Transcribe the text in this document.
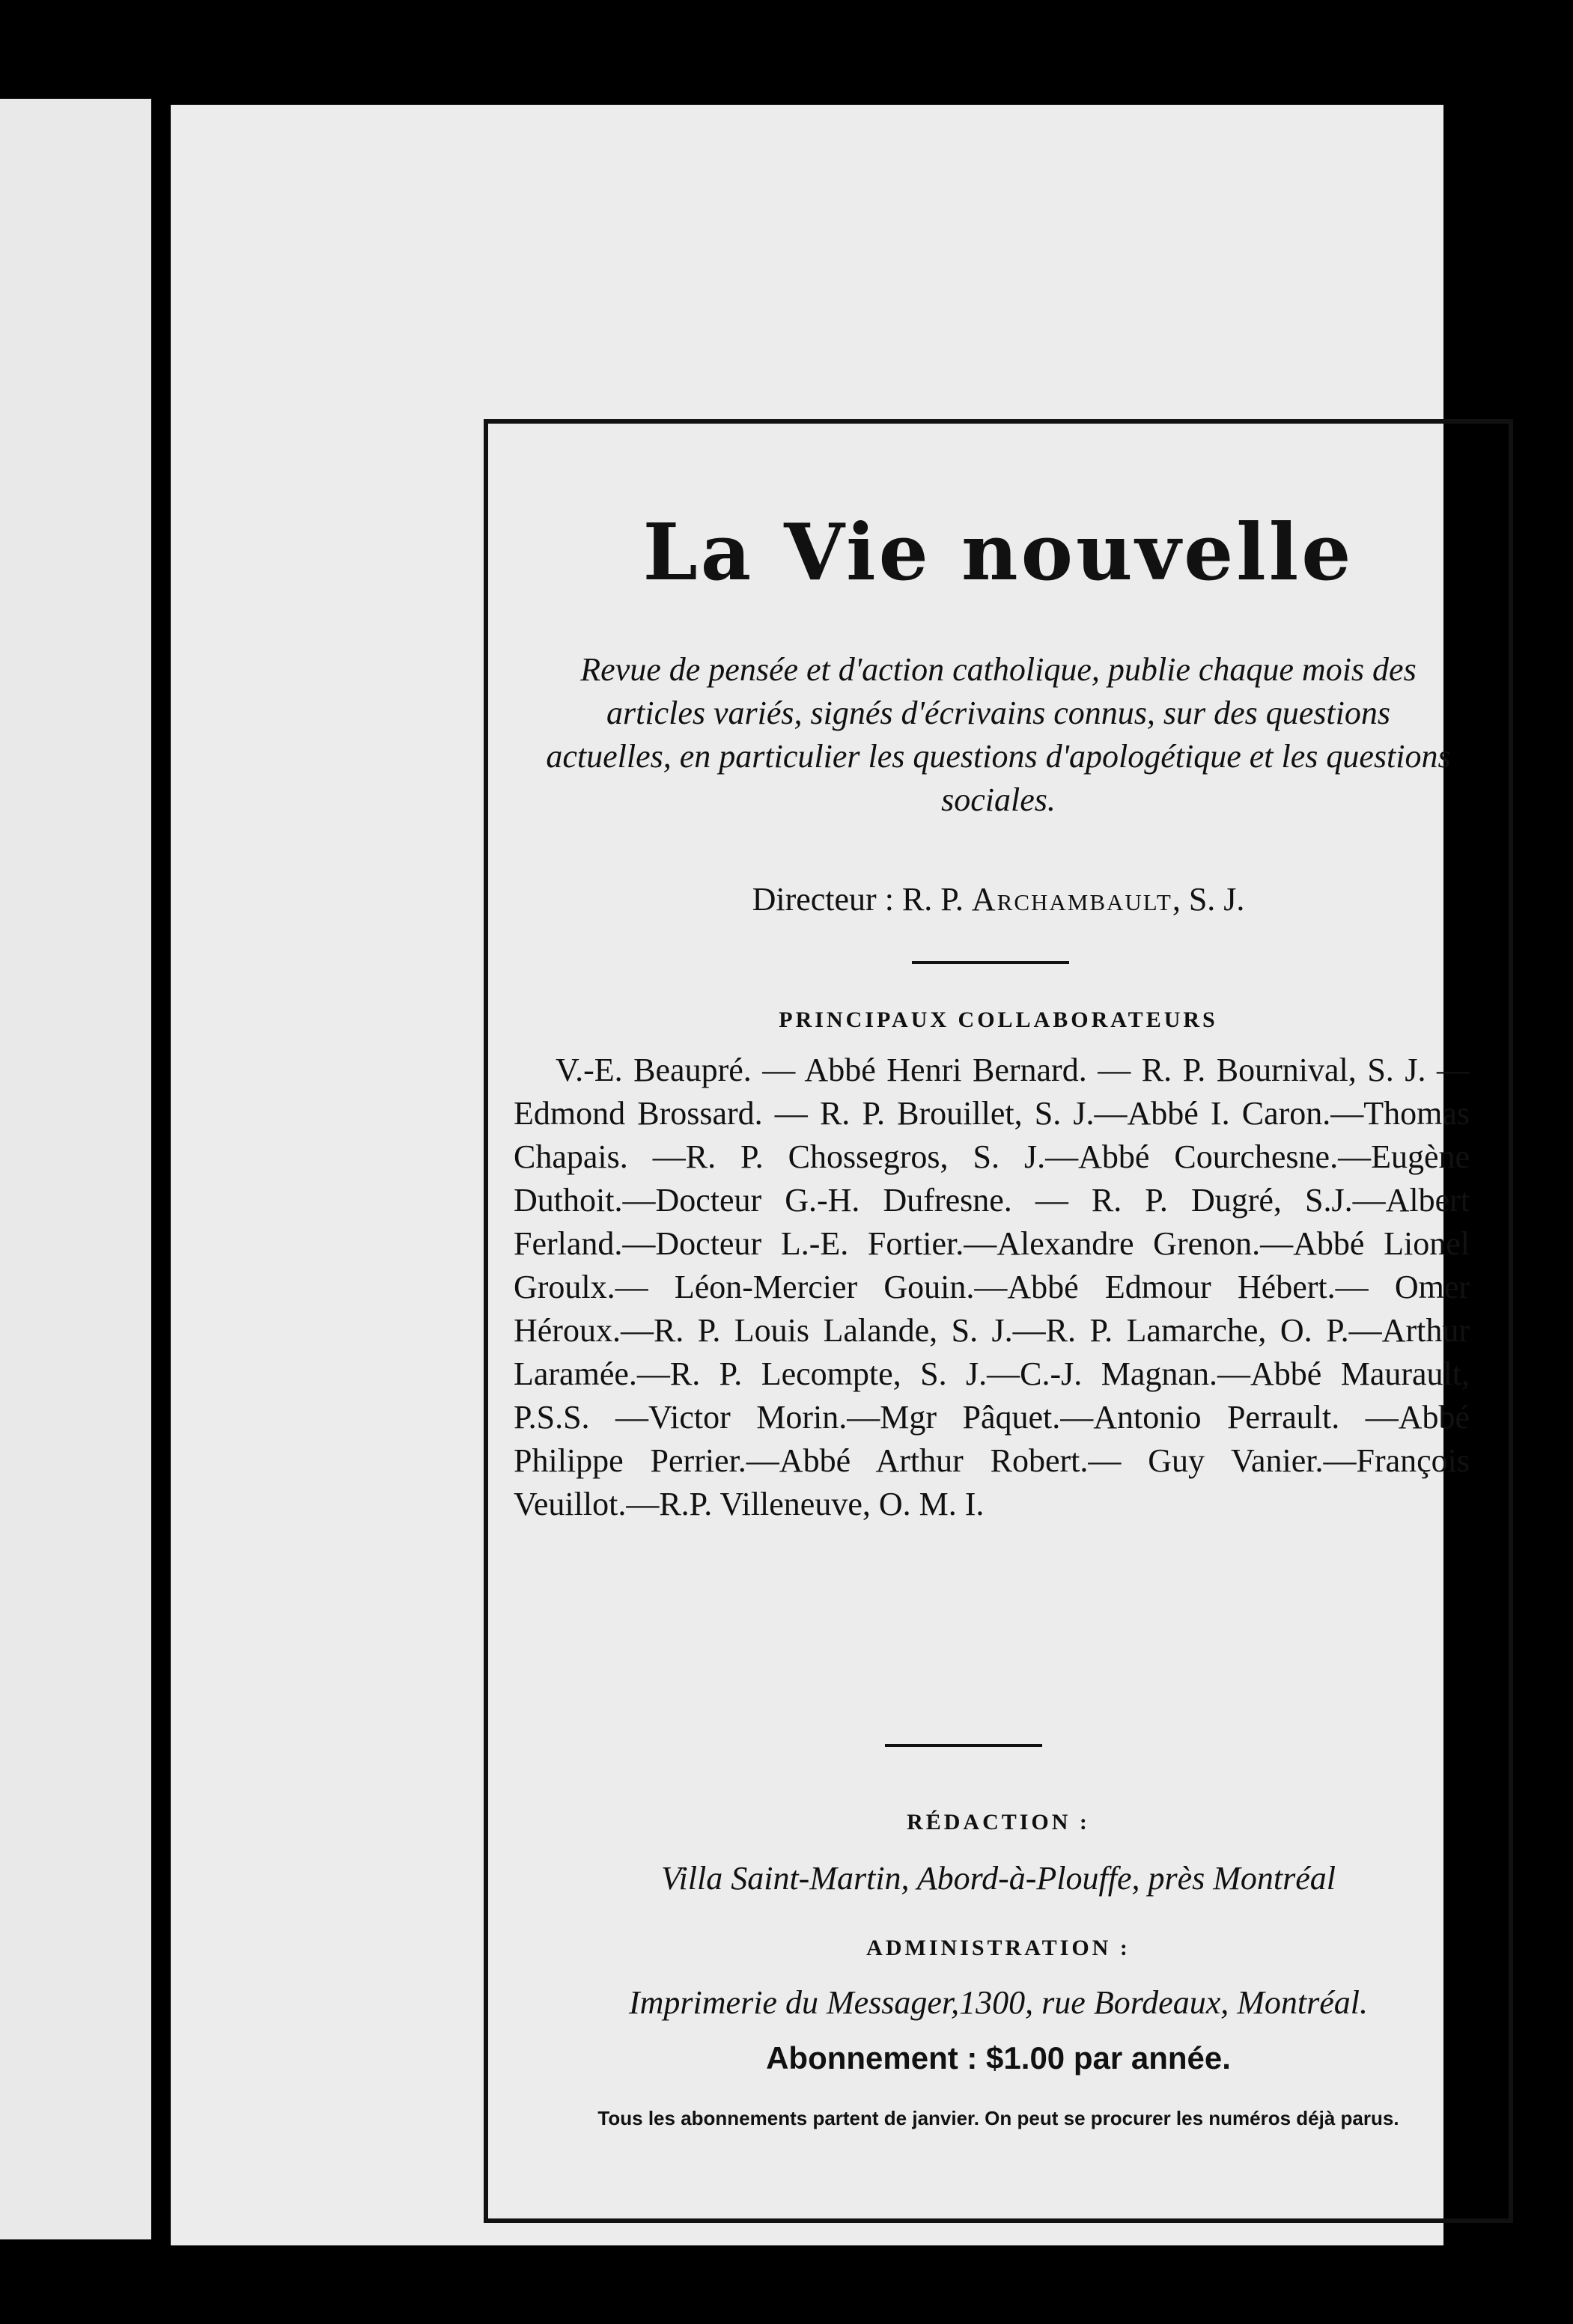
La Vie nouvelle
Revue de pensée et d'action catholique, publie chaque mois des articles variés, signés d'écrivains connus, sur des questions actuelles, en particulier les questions d'apologétique et les questions sociales.
Directeur : R. P. Archambault, S. J.
PRINCIPAUX COLLABORATEURS
V.-E. Beaupré. — Abbé Henri Bernard. — R. P. Bournival, S. J. — Edmond Brossard. — R. P. Brouillet, S. J.—Abbé I. Caron.—Thomas Chapais. —R. P. Chossegros, S. J.—Abbé Courchesne.—Eugène Duthoit.—Docteur G.-H. Dufresne. — R. P. Dugré, S.J.—Albert Ferland.—Docteur L.-E. Fortier.—Alexandre Grenon.—Abbé Lionel Groulx.— Léon-Mercier Gouin.—Abbé Edmour Hébert.— Omer Héroux.—R. P. Louis Lalande, S. J.—R. P. Lamarche, O. P.—Arthur Laramée.—R. P. Lecompte, S. J.—C.-J. Magnan.—Abbé Maurault, P.S.S. —Victor Morin.—Mgr Pâquet.—Antonio Perrault. —Abbé Philippe Perrier.—Abbé Arthur Robert.— Guy Vanier.—François Veuillot.—R.P. Villeneuve, O. M. I.
RÉDACTION :
Villa Saint-Martin, Abord-à-Plouffe, près Montréal
ADMINISTRATION :
Imprimerie du Messager,1300, rue Bordeaux, Montréal.
Abonnement : $1.00 par année.
Tous les abonnements partent de janvier. On peut se procurer les numéros déjà parus.
